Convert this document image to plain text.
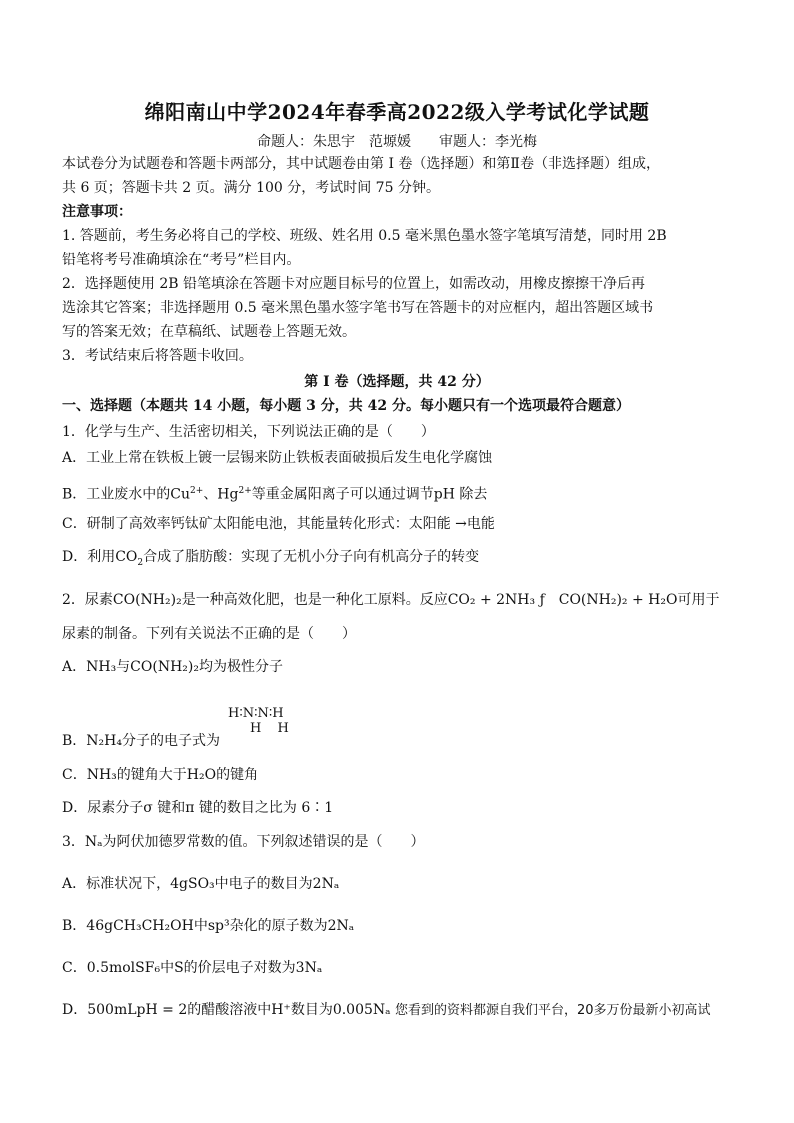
绵阳南山中学2024年春季高2022级入学考试化学试题
命题人：朱思宇　范塬媛 审题人：李光梅
本试卷分为试题卷和答题卡两部分，其中试题卷由第 I 卷（选择题）和第Ⅱ卷（非选择题）组成，
共 6 页；答题卡共 2 页。满分 100 分，考试时间 75 分钟。
注意事项：
1. 答题前，考生务必将自己的学校、班级、姓名用 0.5 毫米黑色墨水签字笔填写清楚，同时用 2B
铅笔将考号准确填涂在“考号”栏目内。
2．选择题使用 2B 铅笔填涂在答题卡对应题目标号的位置上，如需改动，用橡皮擦擦干净后再
选涂其它答案；非选择题用 0.5 毫米黑色墨水签字笔书写在答题卡的对应框内，超出答题区域书
写的答案无效；在草稿纸、试题卷上答题无效。
3．考试结束后将答题卡收回。
第 I 卷（选择题，共 42 分）
一、选择题（本题共 14 小题，每小题 3 分，共 42 分。每小题只有一个选项最符合题意）
1．化学与生产、生活密切相关，下列说法正确的是（　　）
A．工业上常在铁板上镀一层锡来防止铁板表面破损后发生电化学腐蚀
B．工业废水中的$Cu^{2+}$、$Hg^{2+}$等重金属阳离子可以通过调节pH 除去
C．研制了高效率钙钛矿太阳能电池，其能量转化形式：太阳能 →电能
D．利用$CO_2$合成了脂肪酸：实现了无机小分子向有机高分子的转变
2．尿素CO(NH₂)₂是一种高效化肥，也是一种化工原料。反应CO₂ + 2NH₃ ƒ　CO(NH₂)₂ + H₂O可用于
尿素的制备。下列有关说法不正确的是（　　）
A．NH₃与CO(NH₂)₂均为极性分子
H∶N∶N∶H
H H
B．N₂H₄分子的电子式为
C．NH₃的键角大于H₂O的键角
D．尿素分子σ 键和π 键的数目之比为 6∶1
3．Nₐ为阿伏加德罗常数的值。下列叙述错误的是（　　）
A．标准状况下，4gSO₃中电子的数目为2Nₐ
B．46gCH₃CH₂OH中sp³杂化的原子数为2Nₐ
C．0.5molSF₆中S的价层电子对数为3Nₐ
D．500mLpH = 2的醋酸溶液中H⁺数目为0.005Nₐ 您看到的资料都源自我们平台，20多万份最新小初高试
